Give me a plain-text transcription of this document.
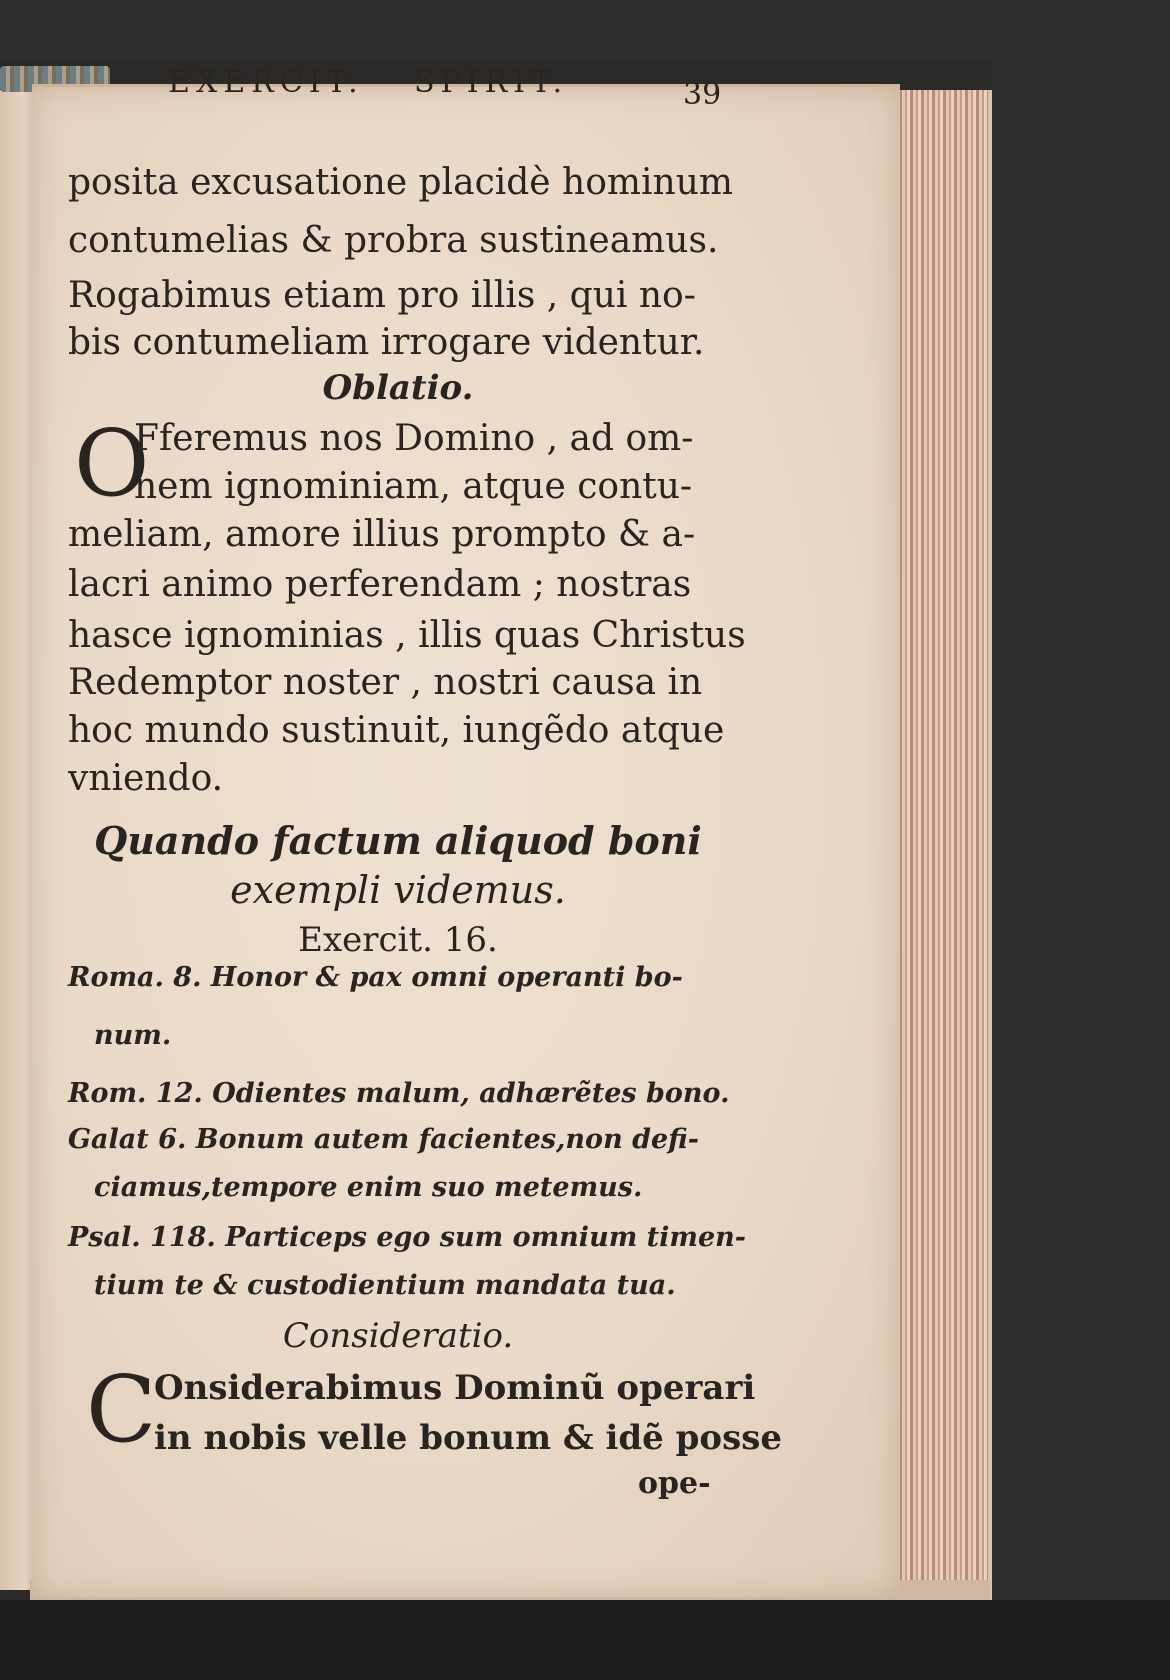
EXERCIT. SPIRIT.	39
posita excusatione placidè hominum
contumelias & probra sustineamus.
Rogabimus etiam pro illis , qui no-
bis contumeliam irrogare videntur.
Oblatio.
O
Fferemus nos Domino , ad om-
nem ignominiam, atque contu-
meliam, amore illius prompto & a-
lacri animo perferendam ; nostras
hasce ignominias , illis quas Christus
Redemptor noster , nostri causa in
hoc mundo sustinuit, iungẽdo atque
vniendo.
Quando factum aliquod boni
exempli videmus.
Exercit. 16.
Roma. 8. Honor & pax omni operanti bo-
num.
Rom. 12. Odientes malum, adhærẽtes bono.
Galat 6. Bonum autem facientes,non defi-
ciamus,tempore enim suo metemus.
Psal. 118. Particeps ego sum omnium timen-
tium te & custodientium mandata tua.
Consideratio.
C
Onsiderabimus Dominũ operari
in nobis velle bonum & idẽ posse
ope-
